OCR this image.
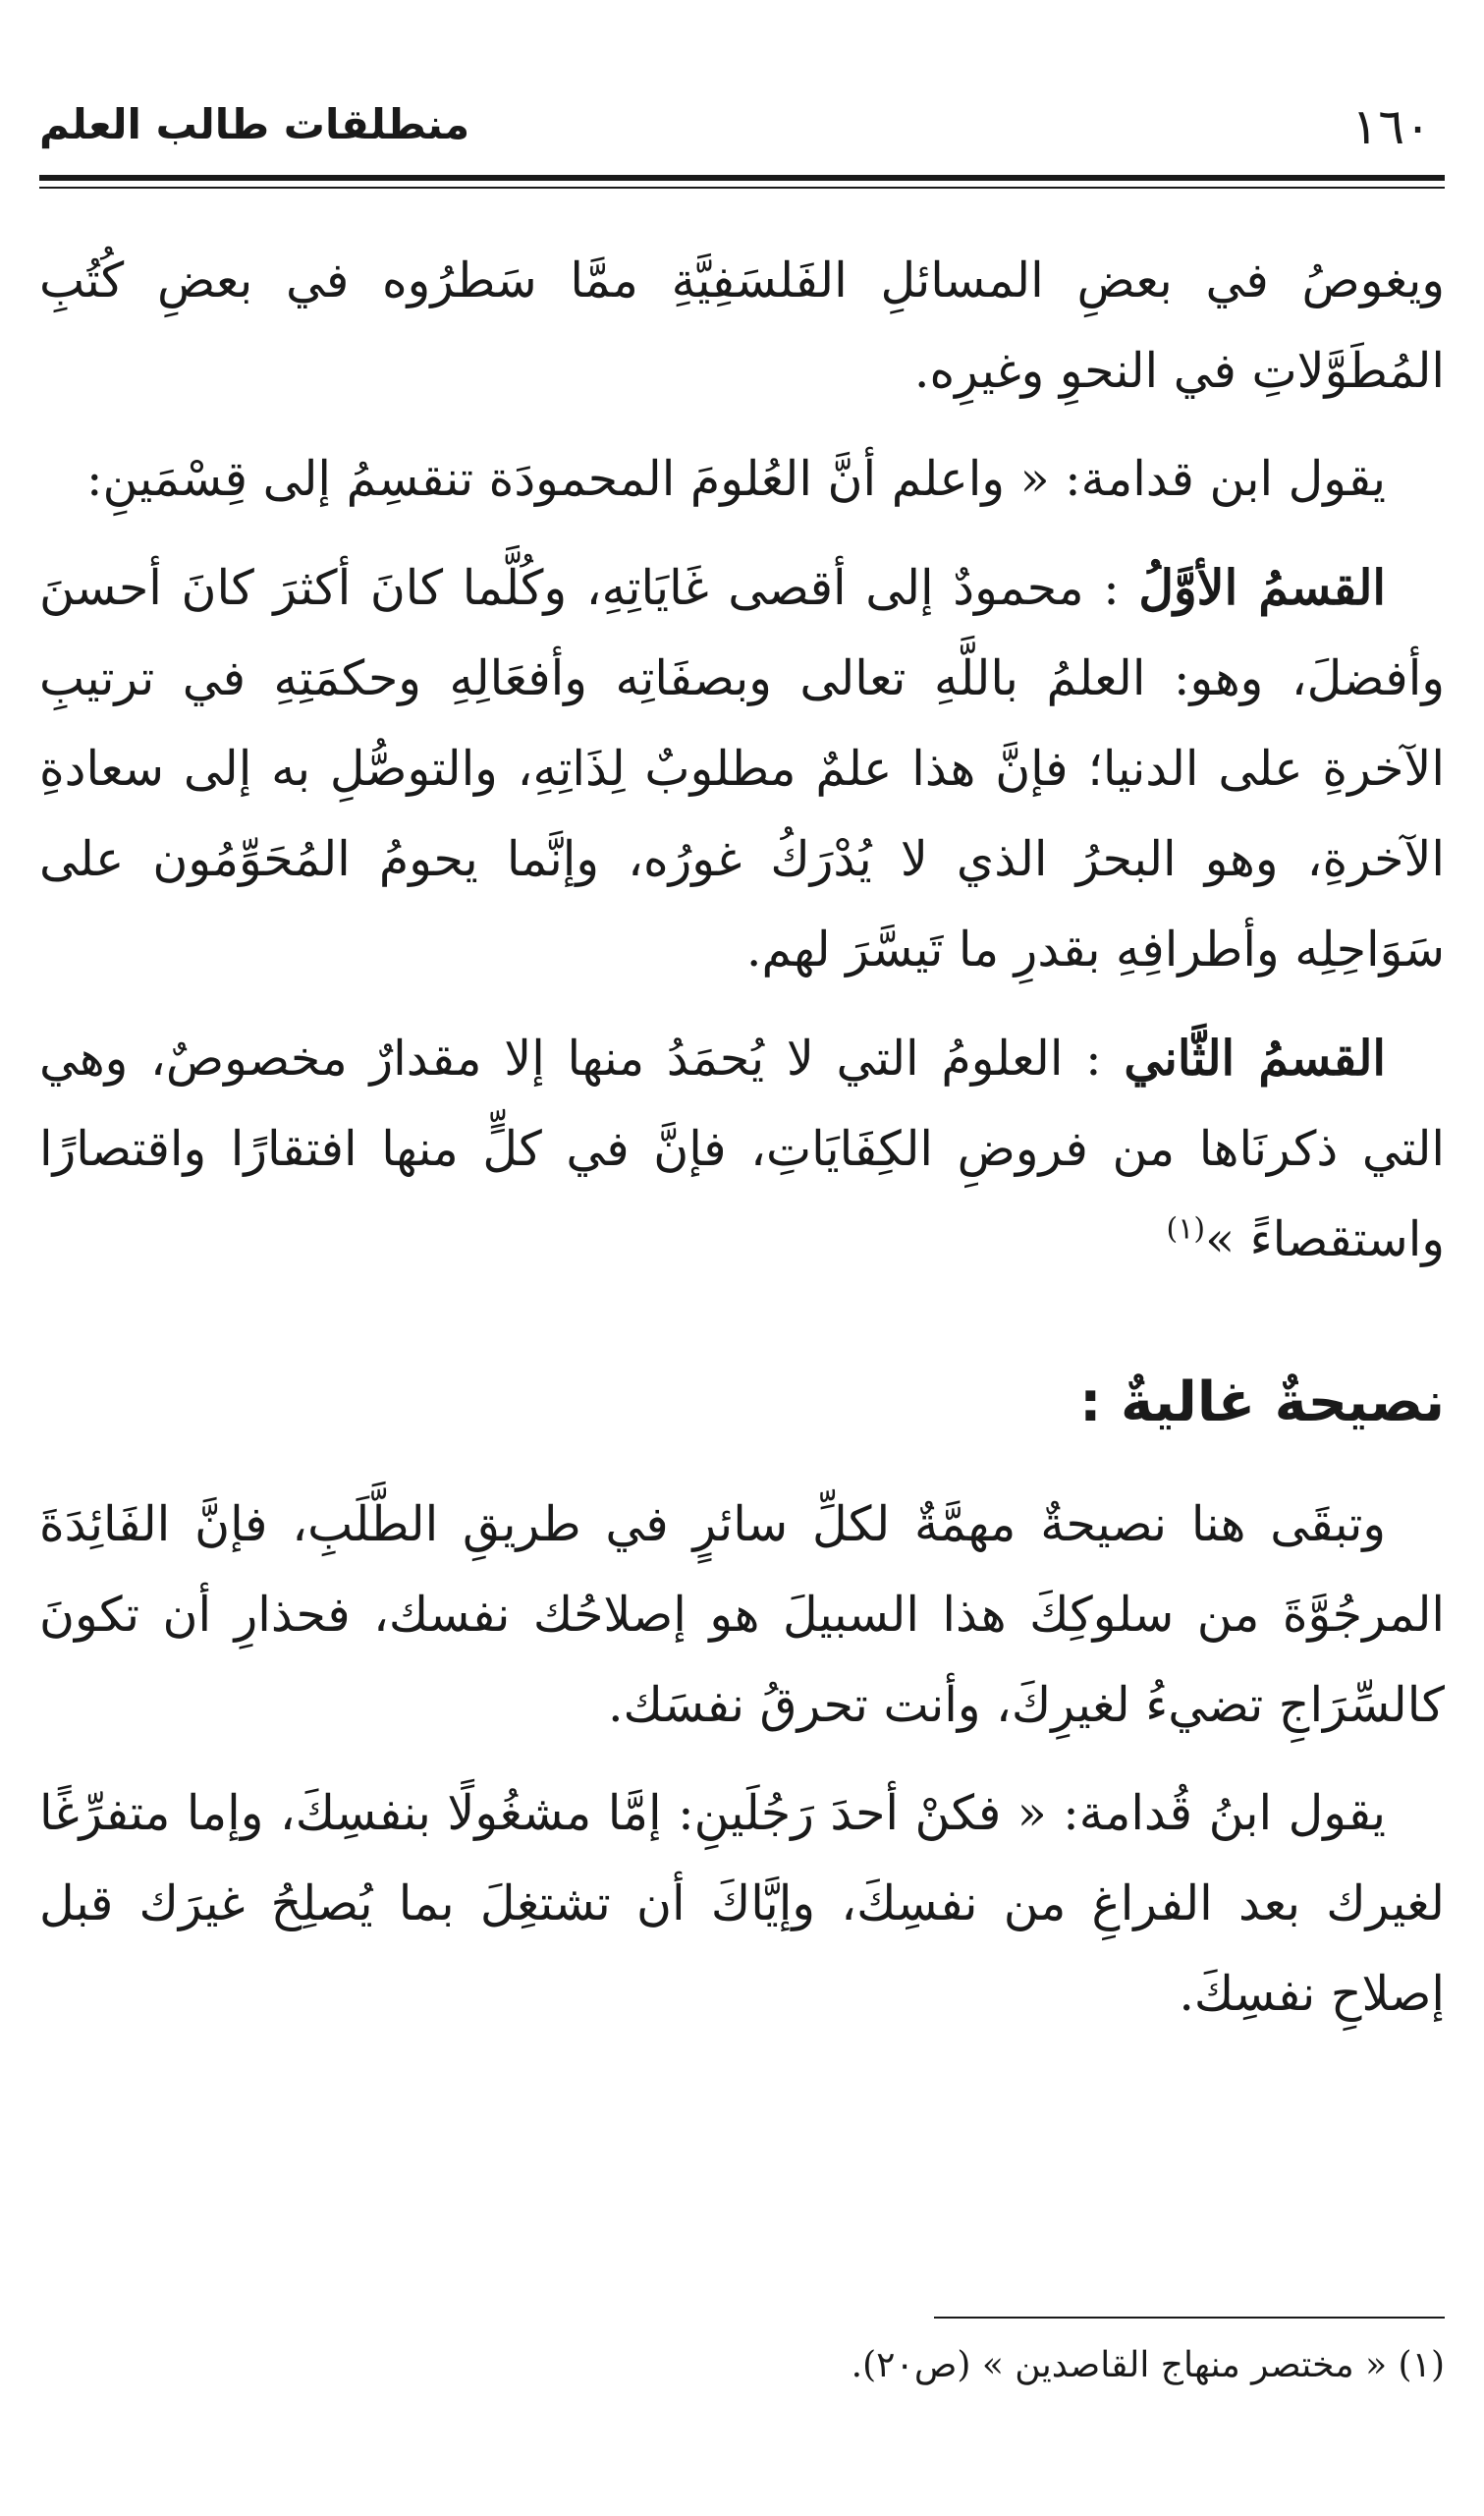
١٦٠
منطلقات طالب العلم

ويغوصُ في بعضِ المسائلِ الفَلسَفِيَّةِ ممَّا سَطرُوه في بعضِ كُتُبِ المُطَوَّلاتِ في النحوِ وغيرِه.

يقول ابن قدامة: « واعلم أنَّ العُلومَ المحمودَة تنقسِمُ إلى قِسْمَينِ:

القسمُ الأوَّلُ : محمودٌ إلى أقصى غَايَاتِهِ، وكُلَّما كانَ أكثرَ كانَ أحسنَ وأفضلَ، وهو: العلمُ باللَّهِ تعالى وبصفَاتِه وأفعَالِهِ وحكمَتِهِ في ترتيبِ الآخرةِ على الدنيا؛ فإنَّ هذا علمٌ مطلوبٌ لِذَاتِهِ، والتوصُّلِ به إلى سعادةِ الآخرةِ، وهو البحرُ الذي لا يُدْرَكُ غورُه، وإنَّما يحومُ المُحَوِّمُون على سَوَاحِلِه وأطرافِهِ بقدرِ ما تَيسَّرَ لهم.

القسمُ الثَّاني : العلومُ التي لا يُحمَدُ منها إلا مقدارٌ مخصوصٌ، وهي التي ذكرنَاها من فروضِ الكِفَايَاتِ، فإنَّ في كلٍّ منها افتقارًا واقتصارًا واستقصاءً »$^{(١)}$

نصيحةٌ غاليةٌ :

وتبقَى هنا نصيحةٌ مهمَّةٌ لكلِّ سائرٍ في طريقِ الطَّلَبِ، فإنَّ الفَائِدَةَ المرجُوَّةَ من سلوكِكَ هذا السبيلَ هو إصلاحُك نفسك، فحذارِ أن تكونَ كالسِّرَاجِ تضيءُ لغيرِكَ، وأنت تحرقُ نفسَك.

يقول ابنُ قُدامة: « فكنْ أحدَ رَجُلَينِ: إمَّا مشغُولًا بنفسِكَ، وإما متفرِّغًا لغيرك بعد الفراغِ من نفسِكَ، وإيَّاكَ أن تشتغِلَ بما يُصلِحُ غيرَك قبل إصلاحِ نفسِكَ.

(١) « مختصر منهاج القاصدين » (ص٢٠).
